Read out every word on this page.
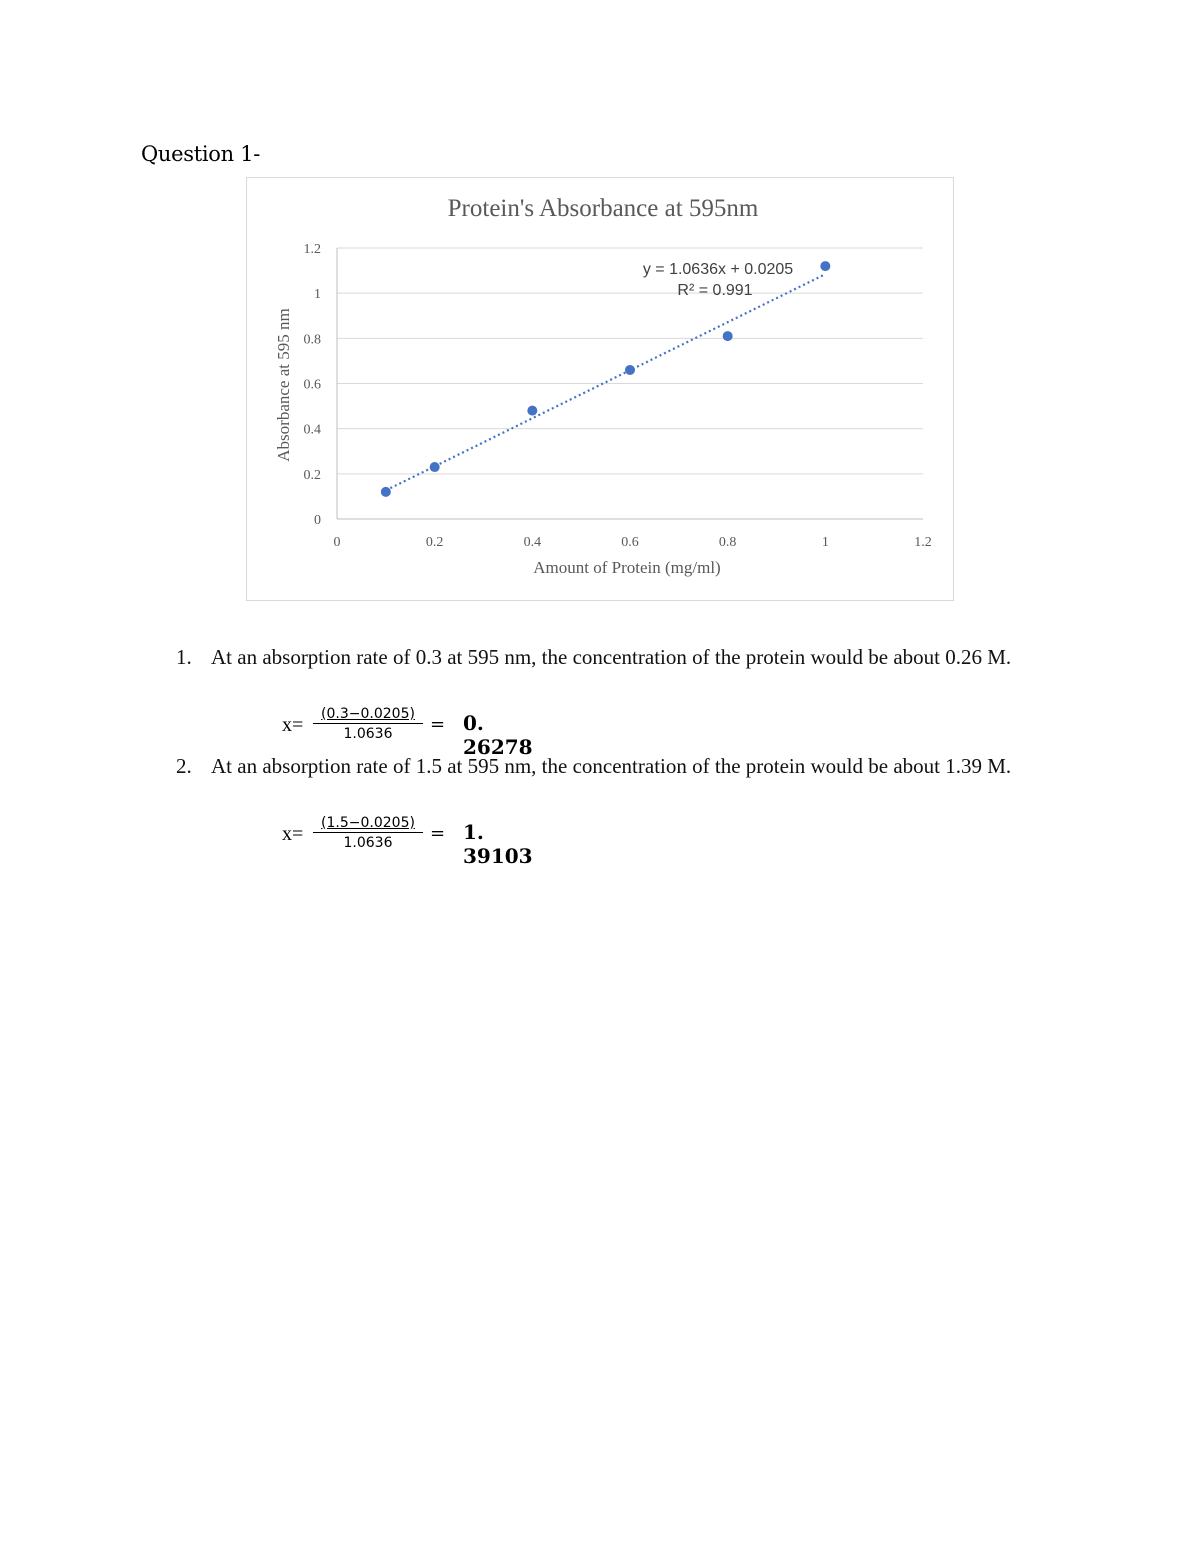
Question 1-
Protein's Absorbance at 595nm
0
0.2
0.4
0.6
0.8
1
1.2
0	0.2	0.4	0.6	0.8	1	1.2
y = 1.0636x + 0.0205
R² = 0.991
Amount of Protein (mg/ml)
Absorbance at 595 nm
1. At an absorption rate of 0.3 at 595 nm, the concentration of the protein would be about 0.26 M.
$x= \frac{(0.3-0.0205)}{1.0636} = 0$. 26278
2. At an absorption rate of 1.5 at 595 nm, the concentration of the protein would be about 1.39 M.
$x= \frac{(1.5-0.0205)}{1.0636} = 1$. 39103
